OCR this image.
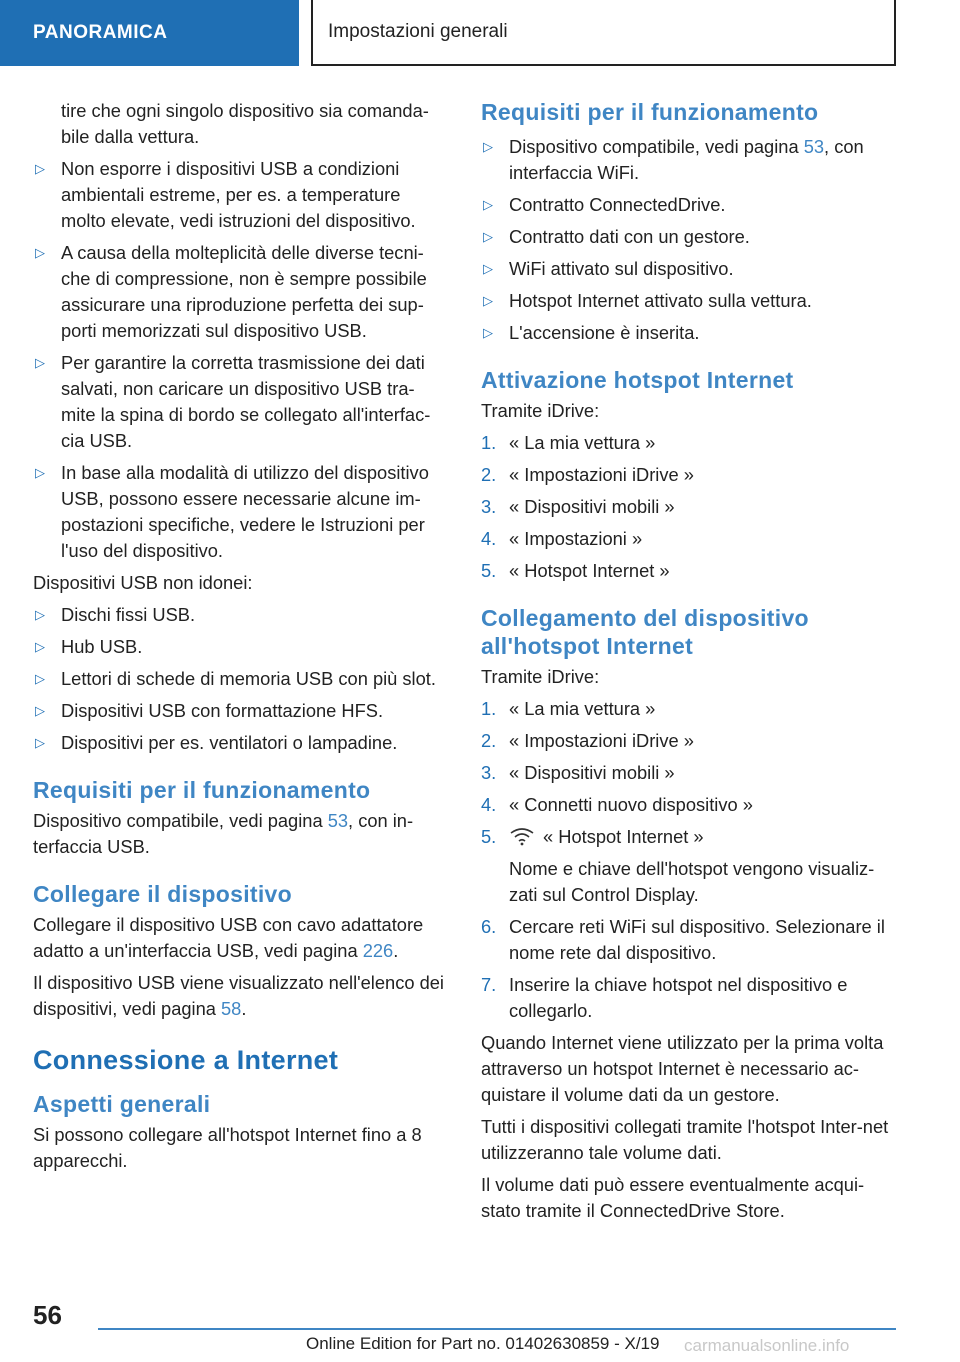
PANORAMICA	Impostazioni generali

tire che ogni singolo dispositivo sia comanda-bile dalla vettura.

▷ Non esporre i dispositivi USB a condizioni ambientali estreme, per es. a temperature molto elevate, vedi istruzioni del dispositivo.
▷ A causa della molteplicità delle diverse tecni-che di compressione, non è sempre possibile assicurare una riproduzione perfetta dei sup-porti memorizzati sul dispositivo USB.
▷ Per garantire la corretta trasmissione dei dati salvati, non caricare un dispositivo USB tra-mite la spina di bordo se collegato all'interfac-cia USB.
▷ In base alla modalità di utilizzo del dispositivo USB, possono essere necessarie alcune im-postazioni specifiche, vedere le Istruzioni per l'uso del dispositivo.

Dispositivi USB non idonei:

▷ Dischi fissi USB.
▷ Hub USB.
▷ Lettori di schede di memoria USB con più slot.
▷ Dispositivi USB con formattazione HFS.
▷ Dispositivi per es. ventilatori o lampadine.
Requisiti per il funzionamento

Dispositivo compatibile, vedi pagina 53, con in-terfaccia USB.

Collegare il dispositivo

Collegare il dispositivo USB con cavo adattatore adatto a un'interfaccia USB, vedi pagina 226.

Il dispositivo USB viene visualizzato nell'elenco dei dispositivi, vedi pagina 58.

Connessione a Internet
Aspetti generali

Si possono collegare all'hotspot Internet fino a 8 apparecchi.

Requisiti per il funzionamento
▷ Dispositivo compatibile, vedi pagina 53, con interfaccia WiFi.
▷ Contratto ConnectedDrive.
▷ Contratto dati con un gestore.
▷ WiFi attivato sul dispositivo.
▷ Hotspot Internet attivato sulla vettura.
▷ L'accensione è inserita.
Attivazione hotspot Internet

Tramite iDrive:

1. « La mia vettura »
2. « Impostazioni iDrive »
3. « Dispositivi mobili »
4. « Impostazioni »
5. « Hotspot Internet »
Collegamento del dispositivo all'hotspot Internet

Tramite iDrive:

1. « La mia vettura »
2. « Impostazioni iDrive »
3. « Dispositivi mobili »
4. « Connetti nuovo dispositivo »
5.	« Hotspot Internet »
Nome e chiave dell'hotspot vengono visualiz-zati sul Control Display.
6. Cercare reti WiFi sul dispositivo. Selezionare il nome rete dal dispositivo.
7. Inserire la chiave hotspot nel dispositivo e collegarlo.

Quando Internet viene utilizzato per la prima volta attraverso un hotspot Internet è necessario ac-quistare il volume dati da un gestore.

Tutti i dispositivi collegati tramite l'hotspot Inter-net utilizzeranno tale volume dati.

Il volume dati può essere eventualmente acqui-stato tramite il ConnectedDrive Store.

56
Online Edition for Part no. 01402630859 - X/19 carmanualsonline.info
